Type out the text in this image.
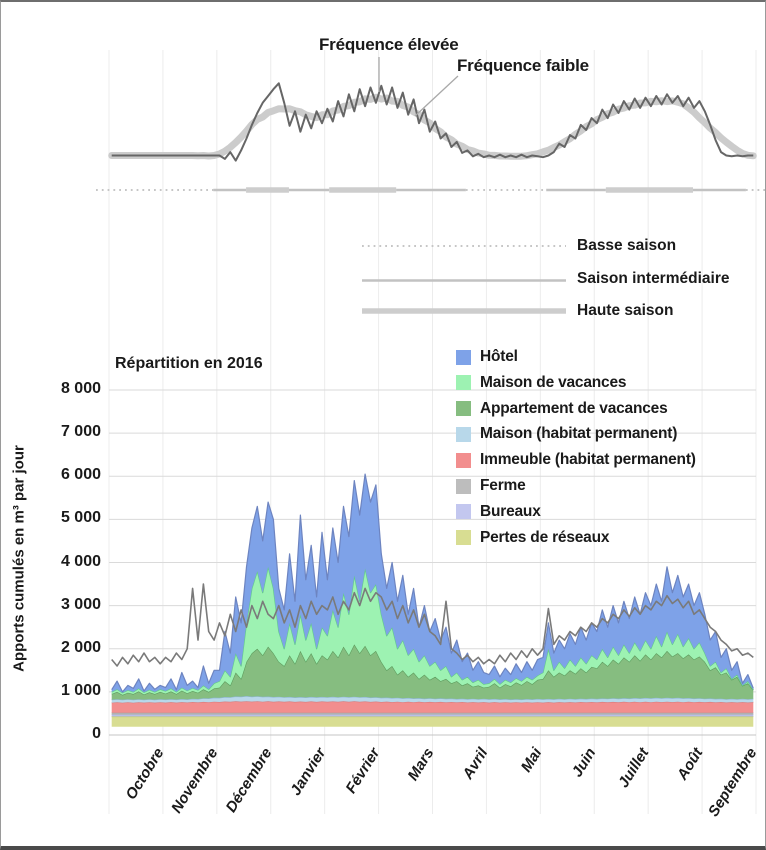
Fréquence élevée
Fréquence faible
Basse saison
Saison intermédiaire
Haute saison
Répartition en 2016
Apports cumulés en m³ par jour
8 000
7 000
6 000
5 000
4 000
3 000
2 000
1 000
0
Octobre Novembre Décembre Janvier Février	Mars	Avril	Mai	Juin	Juillet	Août
Septembre
Hôtel
Maison de vacances
Appartement de vacances
Maison (habitat permanent)
Immeuble (habitat permanent)
Ferme
Bureaux
Pertes de réseaux
